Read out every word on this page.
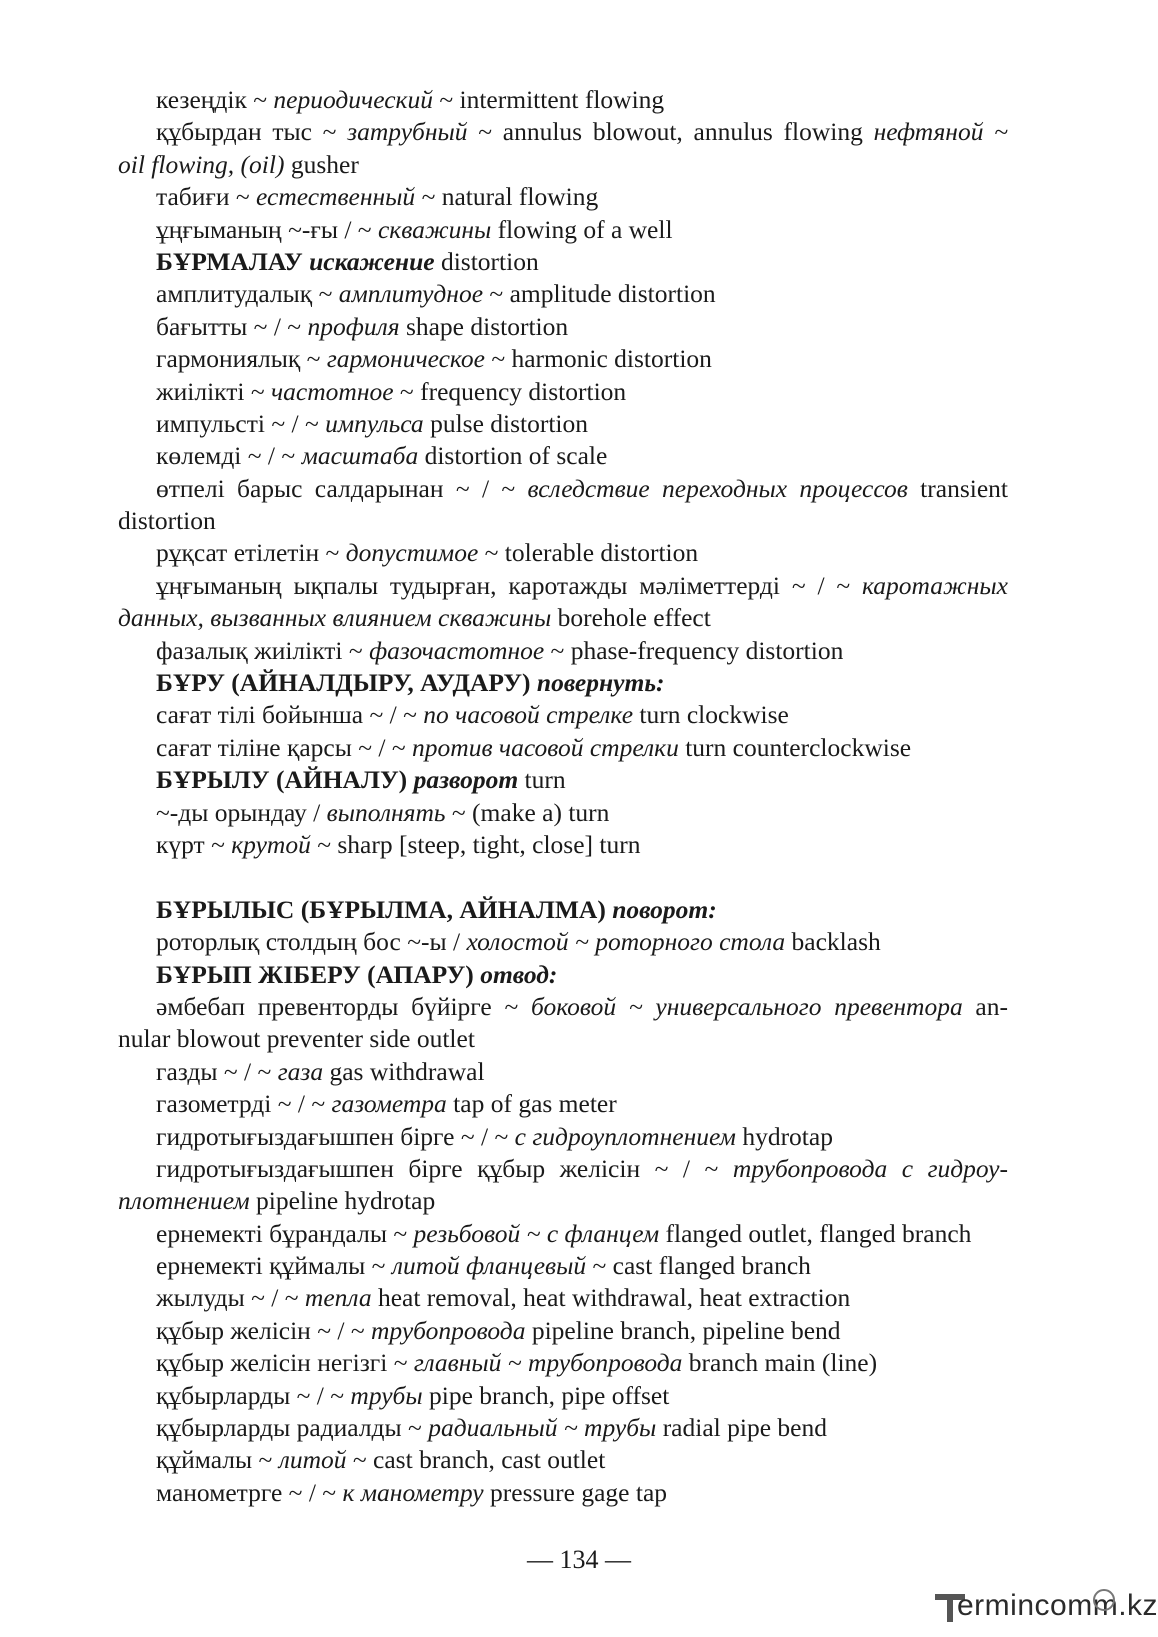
кезеңдік ~ периодический ~ intermittent flowing
құбырдан тыс ~ затрубный ~ annulus blowout, annulus flowing нефтяной ~
oil flowing, (oil) gusher
табиғи ~ естественный ~ natural flowing
ұңғыманың ~-ғы / ~ скважины flowing of a well
БҰРМАЛАУ искажение distortion
амплитудалық ~ амплитудное ~ amplitude distortion
бағытты ~ / ~ профиля shape distortion
гармониялық ~ гармоническое ~ harmonic distortion
жиілікті ~ частотное ~ frequency distortion
импульсті ~ / ~ импульса pulse distortion
көлемді ~ / ~ масштаба distortion of scale
өтпелі барыс салдарынан ~ / ~ вследствие переходных процессов transient
distortion
рұқсат етілетін ~ допустимое ~ tolerable distortion
ұңғыманың ықпалы тудырған, каротажды мәліметтерді ~ / ~ каротажных
данных, вызванных влиянием скважины borehole effect
фазалық жиілікті ~ фазочастотное ~ phase-frequency distortion
БҰРУ (АЙНАЛДЫРУ, АУДАРУ) повернуть:
сағат тілі бойынша ~ / ~ по часовой стрелке turn clockwise
сағат тіліне қарсы ~ / ~ против часовой стрелки turn counterclockwise
БҰРЫЛУ (АЙНАЛУ) разворот turn
~-ды орындау / выполнять ~ (make a) turn
күрт ~ крутой ~ sharp [steep, tight, close] turn
БҰРЫЛЫС (БҰРЫЛМА, АЙНАЛМА) поворот:
роторлық столдың бос ~-ы / холостой ~ роторного стола backlash
БҰРЫП ЖІБЕРУ (АПАРУ) отвод:
әмбебап превенторды бүйірге ~ боковой ~ универсального превентора an-
nular blowout preventer side outlet
газды ~ / ~ газа gas withdrawal
газометрді ~ / ~ газометра tap of gas meter
гидротығыздағышпен бірге ~ / ~ с гидроуплотнением hydrotap
гидротығыздағышпен бірге құбыр желісін ~ / ~ трубопровода с гидроу-
плотнением pipeline hydrotap
ернемекті бұрандалы ~ резьбовой ~ с фланцем flanged outlet, flanged branch
ернемекті құймалы ~ литой фланцевый ~ cast flanged branch
жылуды ~ / ~ тепла heat removal, heat withdrawal, heat extraction
құбыр желісін ~ / ~ трубопровода pipeline branch, pipeline bend
құбыр желісін негізгі ~ главный ~ трубопровода branch main (line)
құбырларды ~ / ~ трубы pipe branch, pipe offset
құбырларды радиалды ~ радиальный ~ трубы radial pipe bend
құймалы ~ литой ~ cast branch, cast outlet
манометрге ~ / ~ к манометру pressure gage tap
— 134 —
ermincom
m.kz
